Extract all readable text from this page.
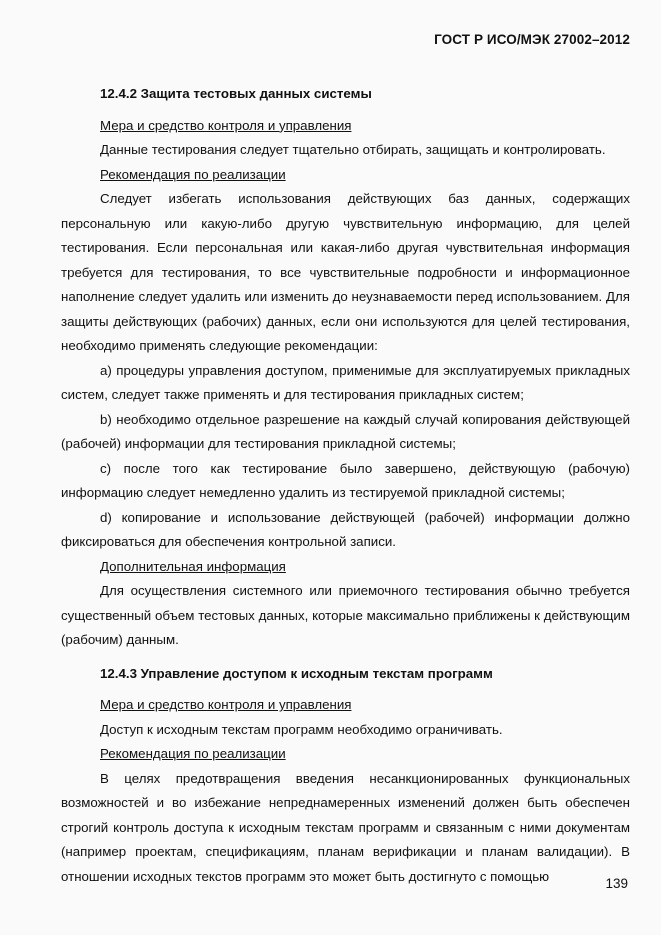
ГОСТ Р ИСО/МЭК 27002–2012

12.4.2 Защита тестовых данных системы

Мера и средство контроля и управления

Данные тестирования следует тщательно отбирать, защищать и контролировать.

Рекомендация по реализации

Следует избегать использования действующих баз данных, содержащих персональную или какую-либо другую чувствительную информацию, для целей тестирования. Если персональная или какая-либо другая чувствительная информация требуется для тестирования, то все чувствительные подробности и информационное наполнение следует удалить или изменить до неузнаваемости перед использованием. Для защиты действующих (рабочих) данных, если они используются для целей тестирования, необходимо применять следующие рекомендации:

a) процедуры управления доступом, применимые для эксплуатируемых прикладных систем, следует также применять и для тестирования прикладных систем;

b) необходимо отдельное разрешение на каждый случай копирования действующей (рабочей) информации для тестирования прикладной системы;

c) после того как тестирование было завершено, действующую (рабочую) информацию следует немедленно удалить из тестируемой прикладной системы;

d) копирование и использование действующей (рабочей) информации должно фиксироваться для обеспечения контрольной записи.

Дополнительная информация

Для осуществления системного или приемочного тестирования обычно требуется существенный объем тестовых данных, которые максимально приближены к действующим (рабочим) данным.

12.4.3 Управление доступом к исходным текстам программ

Мера и средство контроля и управления

Доступ к исходным текстам программ необходимо ограничивать.

Рекомендация по реализации

В целях предотвращения введения несанкционированных функциональных возможностей и во избежание непреднамеренных изменений должен быть обеспечен строгий контроль доступа к исходным текстам программ и связанным с ними документам (например проектам, спецификациям, планам верификации и планам валидации). В отношении исходных текстов программ это может быть достигнуто с помощью	139
